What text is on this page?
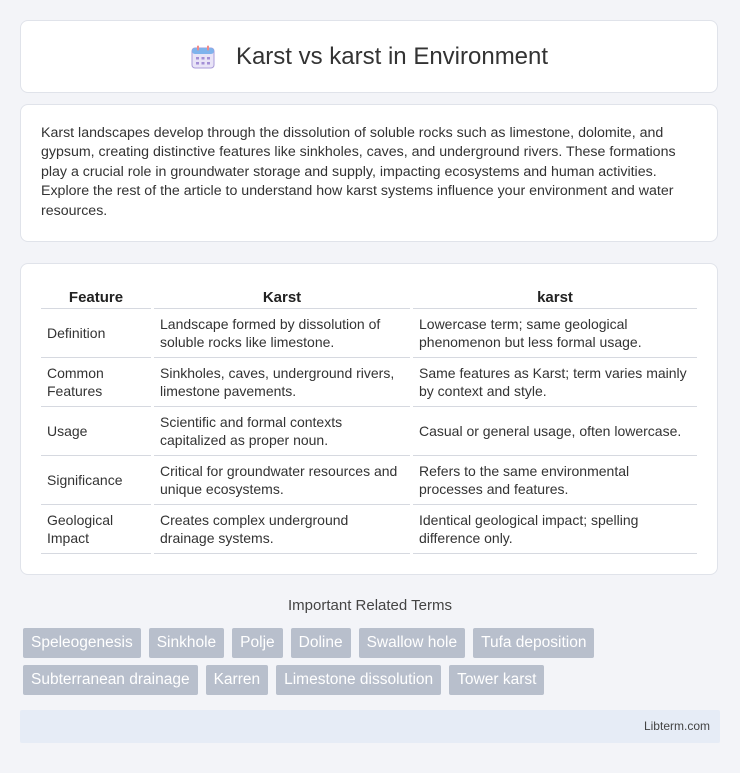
Karst vs karst in Environment

Karst landscapes develop through the dissolution of soluble rocks such as limestone, dolomite, and gypsum, creating distinctive features like sinkholes, caves, and underground rivers. These formations play a crucial role in groundwater storage and supply, impacting ecosystems and human activities. Explore the rest of the article to understand how karst systems influence your environment and water resources.

Feature	Karst	karst
Definition	Landscape formed by dissolution of soluble rocks like limestone.	Lowercase term; same geological phenomenon but less formal usage.
Common Features	Sinkholes, caves, underground rivers, limestone pavements.	Same features as Karst; term varies mainly by context and style.
Usage	Scientific and formal contexts capitalized as proper noun.	Casual or general usage, often lowercase.
Significance	Critical for groundwater resources and unique ecosystems.	Refers to the same environmental processes and features.
Geological Impact	Creates complex underground drainage systems.	Identical geological impact; spelling difference only.
Important Related Terms
Speleogenesis	Sinkhole	Polje	Doline	Swallow hole	Tufa deposition
Subterranean drainage	Karren	Limestone dissolution	Tower karst
Libterm.com
